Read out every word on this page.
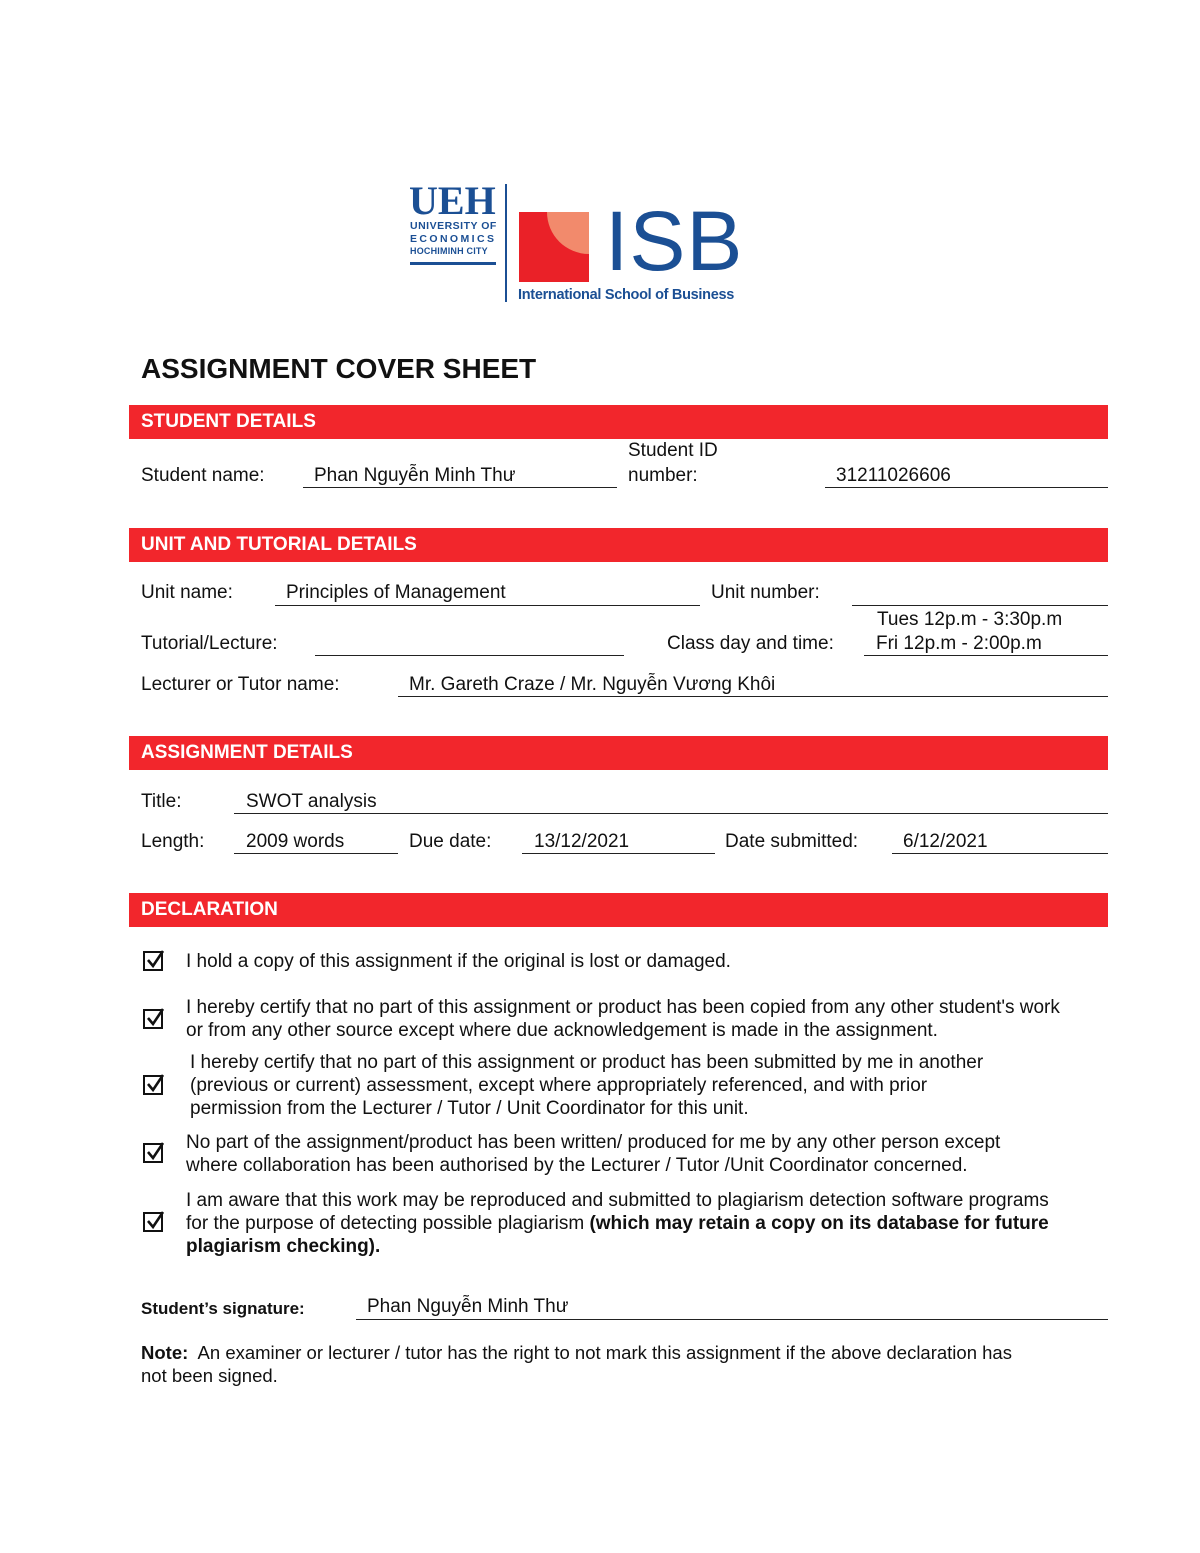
UEH
UNIVERSITY OF
ECONOMICS
HOCHIMINH CITY ISB
International School of Business
ASSIGNMENT COVER SHEET
STUDENT DETAILS
Student name:	Phan Nguyễn Minh Thư
Student ID
number:	31211026606
UNIT AND TUTORIAL DETAILS
Unit name:	Principles of Management	Unit number:
Tutorial/Lecture:	Class day and time:
Tues 12p.m - 3:30p.m
Fri 12p.m - 2:00p.m
Lecturer or Tutor name:	Mr. Gareth Craze / Mr. Nguyễn Vương Khôi
ASSIGNMENT DETAILS
Title:	SWOT analysis
Length: 2009 words	Due date: 13/12/2021	Date submitted: 6/12/2021
DECLARATION
I hold a copy of this assignment if the original is lost or damaged.
I hereby certify that no part of this assignment or product has been copied from any other student's work
or from any other source except where due acknowledgement is made in the assignment.
I hereby certify that no part of this assignment or product has been submitted by me in another
(previous or current) assessment, except where appropriately referenced, and with prior
permission from the Lecturer / Tutor / Unit Coordinator for this unit.
No part of the assignment/product has been written/ produced for me by any other person except
where collaboration has been authorised by the Lecturer / Tutor /Unit Coordinator concerned.
I am aware that this work may be reproduced and submitted to plagiarism detection software programs
for the purpose of detecting possible plagiarism (which may retain a copy on its database for future
plagiarism checking).
Student’s signature:	Phan Nguyễn Minh Thư
Note: An examiner or lecturer / tutor has the right to not mark this assignment if the above declaration has
not been signed.
